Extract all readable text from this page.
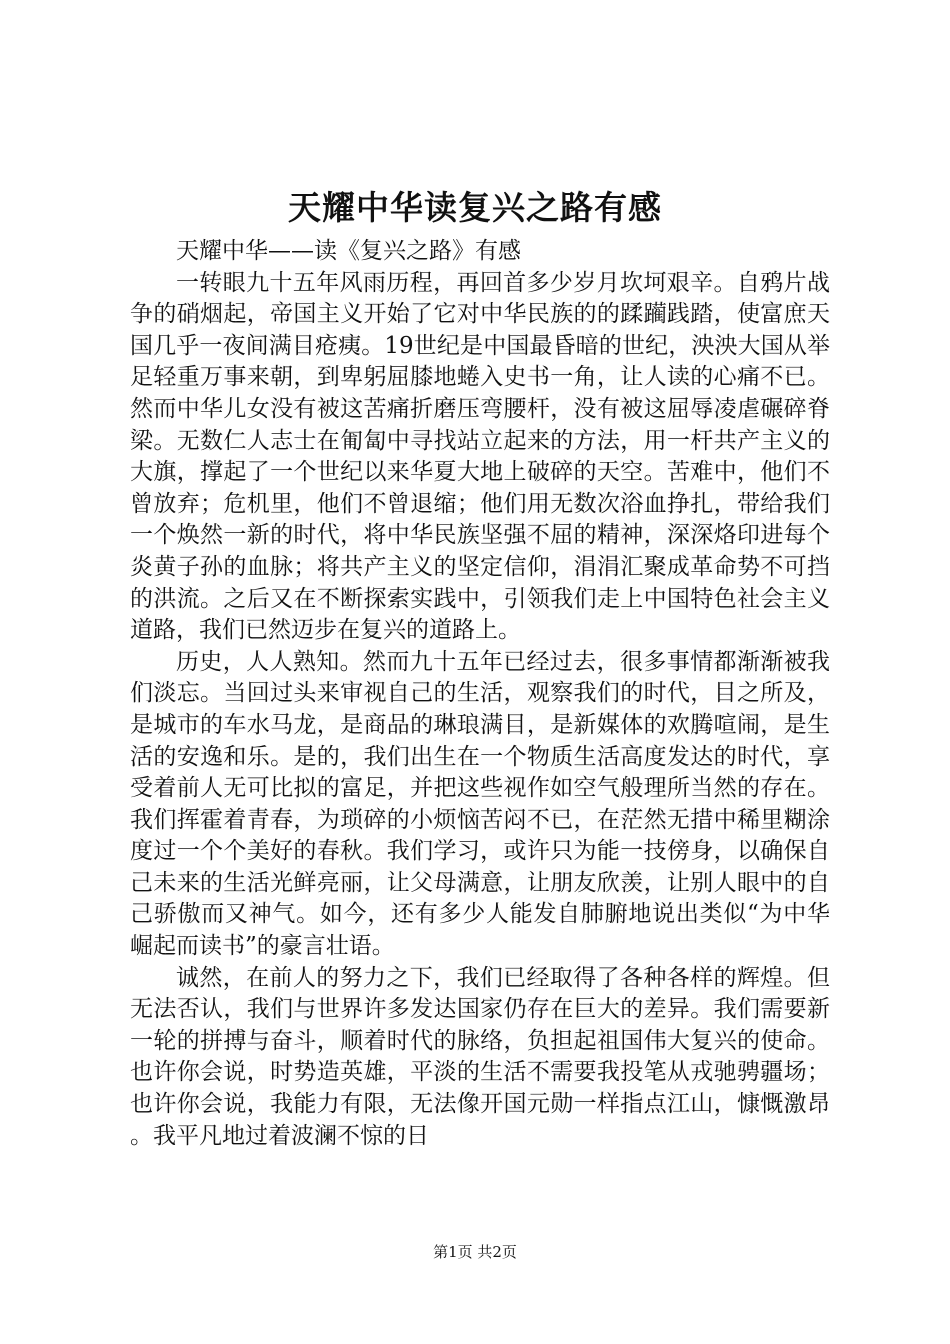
天耀中华读复兴之路有感

天耀中华——读《复兴之路》有感

一转眼九十五年风雨历程，再回首多少岁月坎坷艰辛。自鸦片战争的硝烟起，帝国主义开始了它对中华民族的的蹂躏践踏，使富庶天国几乎一夜间满目疮痍。19世纪是中国最昏暗的世纪，泱泱大国从举足轻重万事来朝，到卑躬屈膝地蜷入史书一角，让人读的心痛不已。然而中华儿女没有被这苦痛折磨压弯腰杆，没有被这屈辱凌虐碾碎脊梁。无数仁人志士在匍匐中寻找站立起来的方法，用一杆共产主义的大旗，撑起了一个世纪以来华夏大地上破碎的天空。苦难中，他们不曾放弃；危机里，他们不曾退缩；他们用无数次浴血挣扎，带给我们一个焕然一新的时代，将中华民族坚强不屈的精神，深深烙印进每个炎黄子孙的血脉；将共产主义的坚定信仰，涓涓汇聚成革命势不可挡的洪流。之后又在不断探索实践中，引领我们走上中国特色社会主义道路，我们已然迈步在复兴的道路上。

历史，人人熟知。然而九十五年已经过去，很多事情都渐渐被我们淡忘。当回过头来审视自己的生活，观察我们的时代，目之所及，是城市的车水马龙，是商品的琳琅满目，是新媒体的欢腾喧闹，是生活的安逸和乐。是的，我们出生在一个物质生活高度发达的时代，享受着前人无可比拟的富足，并把这些视作如空气般理所当然的存在。我们挥霍着青春，为琐碎的小烦恼苦闷不已，在茫然无措中稀里糊涂度过一个个美好的春秋。我们学习，或许只为能一技傍身，以确保自己未来的生活光鲜亮丽，让父母满意，让朋友欣羡，让别人眼中的自己骄傲而又神气。如今，还有多少人能发自肺腑地说出类似“为中华崛起而读书”的豪言壮语。

诚然，在前人的努力之下，我们已经取得了各种各样的辉煌。但无法否认，我们与世界许多发达国家仍存在巨大的差异。我们需要新一轮的拼搏与奋斗，顺着时代的脉络，负担起祖国伟大复兴的使命。也许你会说，时势造英雄，平淡的生活不需要我投笔从戎驰骋疆场；也许你会说，我能力有限，无法像开国元勋一样指点江山，慷慨激昂。我平凡地过着波澜不惊的日

第1页 共2页
